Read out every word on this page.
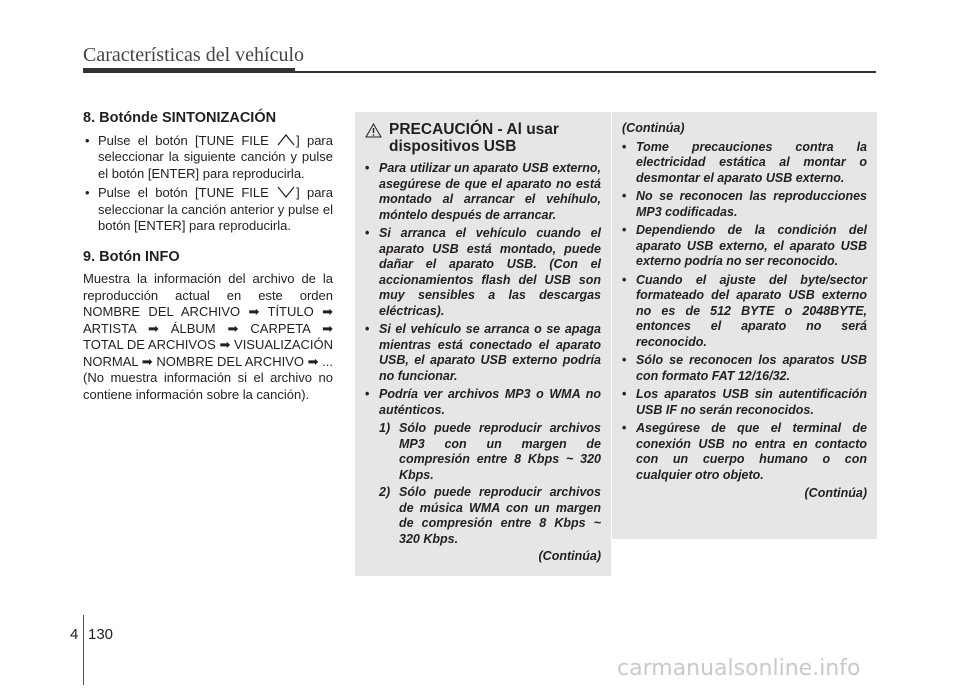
Características del vehículo
8. Botónde SINTONIZACIÓN
• Pulse el botón [TUNE FILE ] para seleccionar la siguiente canción y pulse el botón [ENTER] para reproducirla.
• Pulse el botón [TUNE FILE ] para seleccionar la canción anterior y pulse el botón [ENTER] para reproducirla.
9. Botón INFO

Muestra la información del archivo de la reproducción actual en este orden NOMBRE DEL ARCHIVO ➡ TÍTULO ➡ ARTISTA ➡ ÁLBUM ➡ CARPETA ➡ TOTAL DE ARCHIVOS ➡ VISUALIZACIÓN NORMAL ➡ NOMBRE DEL ARCHIVO ➡ ... (No muestra información si el archivo no contiene información sobre la canción).

PRECAUCIÓN - Al usar dispositivos USB
• Para utilizar un aparato USB externo, asegúrese de que el aparato no está montado al arrancar el vehíhulo, móntelo después de arrancar.
• Si arranca el vehículo cuando el aparato USB está montado, puede dañar el aparato USB. (Con el accionamientos flash del USB son muy sensibles a las descargas eléctricas).
• Si el vehículo se arranca o se apaga mientras está conectado el aparato USB, el aparato USB externo podría no funcionar.
• Podría ver archivos MP3 o WMA no auténticos.
1) Sólo puede reproducir archivos MP3 con un margen de compresión entre 8 Kbps ~ 320 Kbps.
2) Sólo puede reproducir archivos de música WMA con un margen de compresión entre 8 Kbps ~ 320 Kbps.
(Continúa)
(Continúa)
• Tome precauciones contra la electricidad estática al montar o desmontar el aparato USB externo.
• No se reconocen las reproducciones MP3 codificadas.
• Dependiendo de la condición del aparato USB externo, el aparato USB externo podría no ser reconocido.
• Cuando el ajuste del byte/sector formateado del aparato USB externo no es de 512 BYTE o 2048BYTE, entonces el aparato no será reconocido.
• Sólo se reconocen los aparatos USB con formato FAT 12/16/32.
• Los aparatos USB sin autentificación USB IF no serán reconocidos.
• Asegúrese de que el terminal de conexión USB no entra en contacto con un cuerpo humano o con cualquier otro objeto.
(Continúa)
4 130
carmanualsonline.info
